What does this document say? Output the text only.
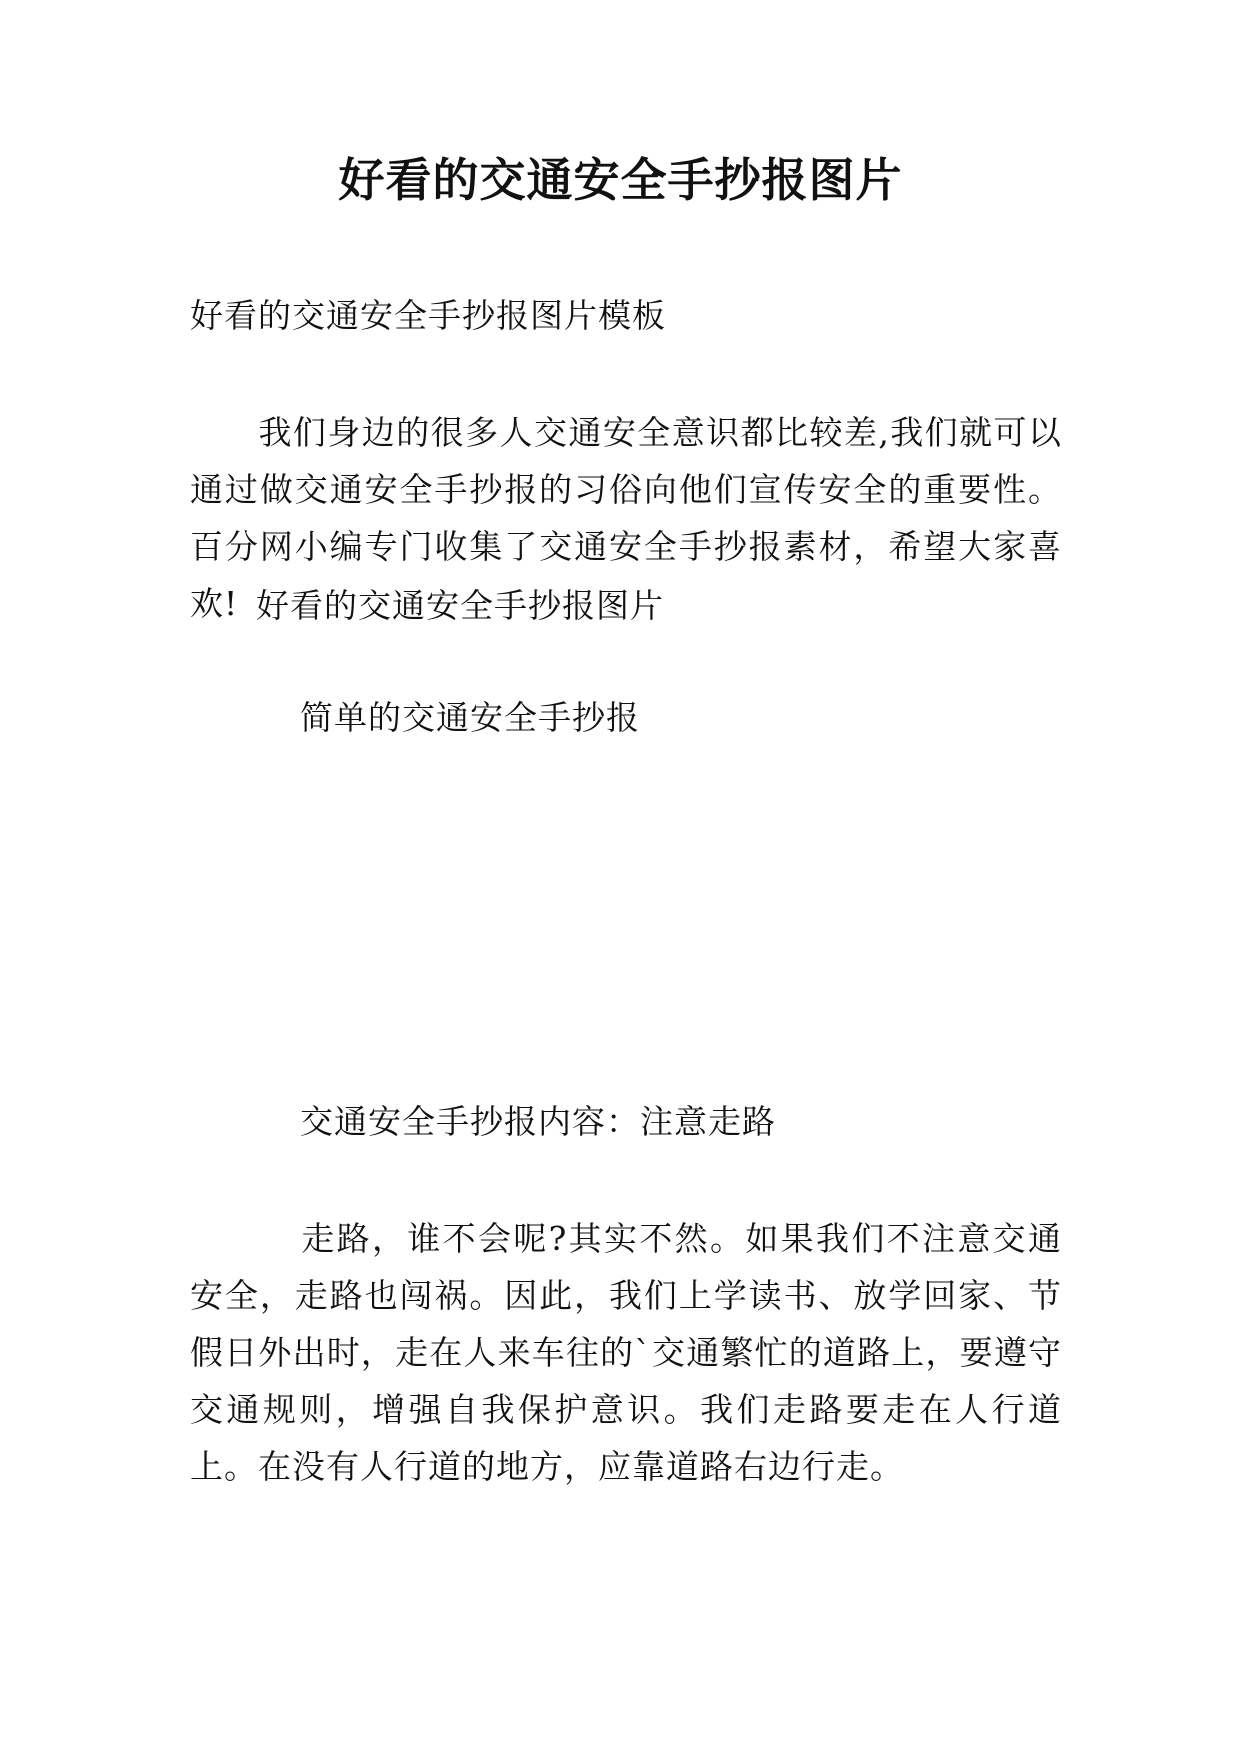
好看的交通安全手抄报图片
好看的交通安全手抄报图片模板
我们身边的很多人交通安全意识都比较差,我们就可以通过做交通安全手抄报的习俗向他们宣传安全的重要性。百分网小编专门收集了交通安全手抄报素材，希望大家喜欢! 好看的交通安全手抄报图片
简单的交通安全手抄报
交通安全手抄报内容：注意走路
走路，谁不会呢?其实不然。如果我们不注意交通安全，走路也闯祸。因此，我们上学读书、放学回家、节假日外出时，走在人来车往的`交通繁忙的道路上，要遵守交通规则，增强自我保护意识。我们走路要走在人行道上。在没有人行道的地方，应靠道路右边行走。
